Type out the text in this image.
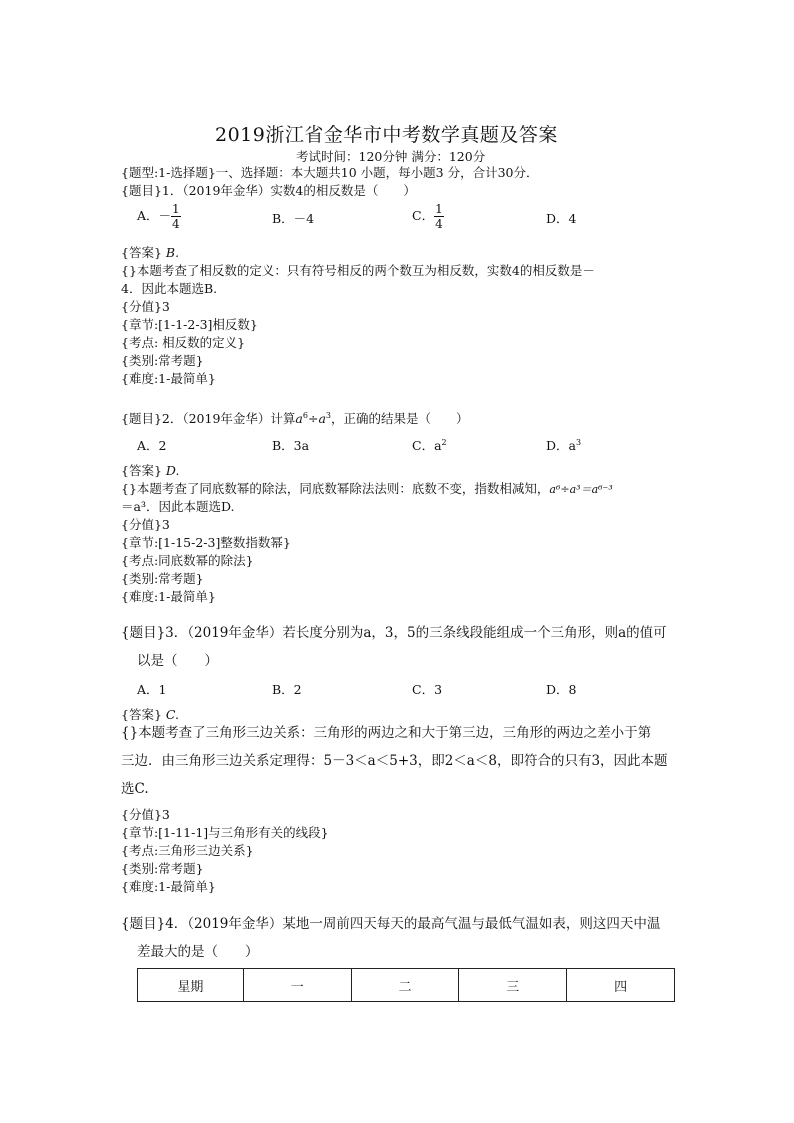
2019浙江省金华市中考数学真题及答案
考试时间：120分钟 满分：120分
{题型:1-选择题}一、选择题：本大题共10 小题，每小题3 分，合计30分．
{题目}1．（2019年金华）实数4的相反数是（　　）
A．－ $\frac{1}{4}$	B．－4	C． $\frac{1}{4}$	D．4
{答案} B.
{}本题考查了相反数的定义：只有符号相反的两个数互为相反数，实数4的相反数是－
4．因此本题选B.
{分值}3
{章节:[1-1-2-3]相反数}
{考点: 相反数的定义}
{类别:常考题}
{难度:1-最简单}
{题目}2．（2019年金华）计算$a^6\div a^3$，正确的结果是（　　）
A．2	B．3a	C．$a^2$	D．$a^3$
{答案} D.
{}本题考查了同底数幂的除法，同底数幂除法法则：底数不变，指数相减知，a⁶÷a³＝a⁶⁻³
＝a³．因此本题选D.
{分值}3
{章节:[1-15-2-3]整数指数幂}
{考点:同底数幂的除法}
{类别:常考题}
{难度:1-最简单}
{题目}3．（2019年金华）若长度分别为a，3，5的三条线段能组成一个三角形，则a的值可
以是（　　）
A．1	B．2	C．3	D．8
{答案} C.
{}本题考查了三角形三边关系：三角形的两边之和大于第三边，三角形的两边之差小于第
三边．由三角形三边关系定理得：5－3＜a＜5+3，即2＜a＜8，即符合的只有3，因此本题
选C.
{分值}3
{章节:[1-11-1]与三角形有关的线段}
{考点:三角形三边关系}
{类别:常考题}
{难度:1-最简单}
{题目}4．（2019年金华）某地一周前四天每天的最高气温与最低气温如表，则这四天中温
差最大的是（　　）
星期	一	二	三	四
